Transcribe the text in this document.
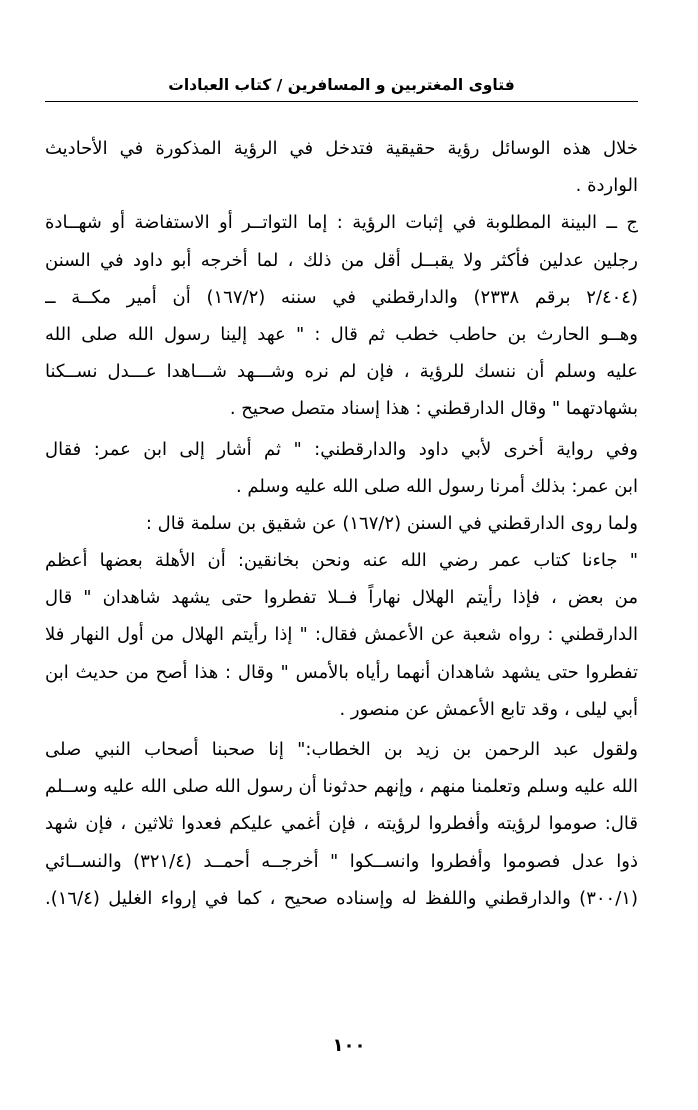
فتاوى المغتربين و المسافرين / كتاب العبادات
خلال هذه الوسائل رؤية حقيقية فتدخل في الرؤية المذكورة في الأحاديث
الواردة .
ج ــ البينة المطلوبة في إثبات الرؤية : إما التواتــر أو الاستفاضة أو شهــادة
رجلين عدلين فأكثر ولا يقبــل أقل من ذلك ، لما أخرجه أبو داود في السنن
(٢/٤٠٤ برقم ٢٣٣٨) والدارقطني في سننه (١٦٧/٢) أن أمير مكــة ــ
وهــو الحارث بن حاطب خطب ثم قال : " عهد إلينا رسول الله صلى الله
عليه وسلم أن ننسك للرؤية ، فإن لم نره وشـــهد شـــاهدا عـــدل نســكنا
بشهادتهما " وقال الدارقطني : هذا إسناد متصل صحيح .
وفي رواية أخرى لأبي داود والدارقطني: " ثم أشار إلى ابن عمر: فقال
ابن عمر: بذلك أمرنا رسول الله صلى الله عليه وسلم .
ولما روى الدارقطني في السنن (١٦٧/٢) عن شقيق بن سلمة قال :
" جاءنا كتاب عمر رضي الله عنه ونحن بخانقين: أن الأهلة بعضها أعظم
من بعض ، فإذا رأيتم الهلال نهاراً فــلا تفطروا حتى يشهد شاهدان " قال
الدارقطني : رواه شعبة عن الأعمش فقال: " إذا رأيتم الهلال من أول النهار فلا
تفطروا حتى يشهد شاهدان أنهما رأياه بالأمس " وقال : هذا أصح من حديث ابن
أبي ليلى ، وقد تابع الأعمش عن منصور .
ولقول عبد الرحمن بن زيد بن الخطاب:" إنا صحبنا أصحاب النبي صلى
الله عليه وسلم وتعلمنا منهم ، وإنهم حدثونا أن رسول الله صلى الله عليه وســلم
قال: صوموا لرؤيته وأفطروا لرؤيته ، فإن أغمي عليكم فعدوا ثلاثين ، فإن شهد
ذوا عدل فصوموا وأفطروا وانســكوا " أخرجــه أحمــد (٣٢١/٤) والنســائي
(٣٠٠/١) والدارقطني واللفظ له وإسناده صحيح ، كما في إرواء الغليل (١٦/٤).
١٠٠
